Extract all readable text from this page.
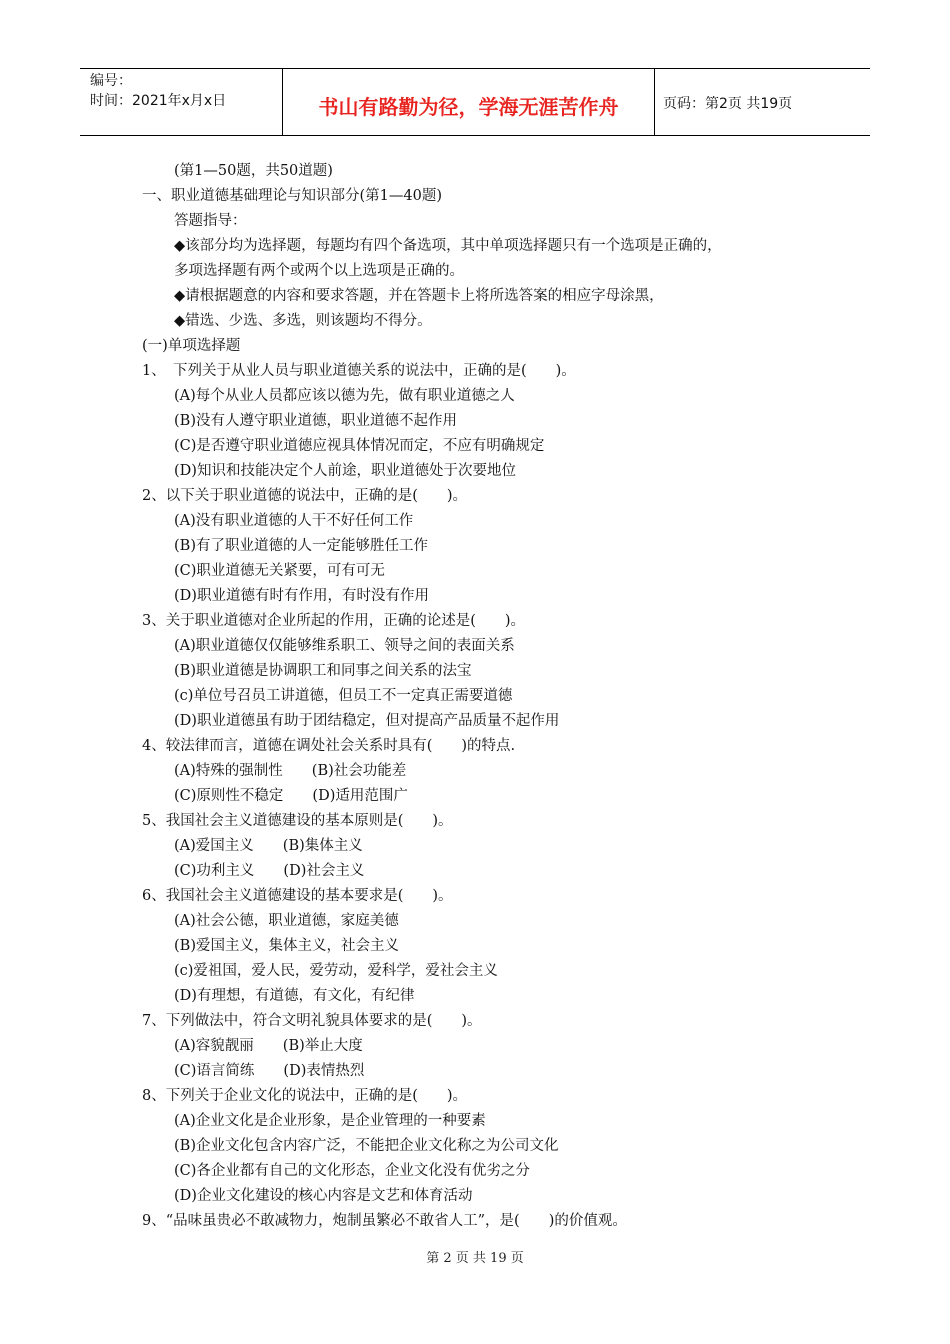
编号：
时间：2021年x月x日	书山有路勤为径，学海无涯苦作舟	页码：第2页 共19页
(第1—50题，共50道题)
一、职业道德基础理论与知识部分(第1—40题)
答题指导：
◆该部分均为选择题，每题均有四个备选项，其中单项选择题只有一个选项是正确的，
多项选择题有两个或两个以上选项是正确的。
◆请根据题意的内容和要求答题，并在答题卡上将所选答案的相应字母涂黑，
◆错选、少选、多选，则该题均不得分。
(一)单项选择题
1、　下列关于从业人员与职业道德关系的说法中，正确的是(　　)。
(A)每个从业人员都应该以德为先，做有职业道德之人
(B)没有人遵守职业道德，职业道德不起作用
(C)是否遵守职业道德应视具体情况而定，不应有明确规定
(D)知识和技能决定个人前途，职业道德处于次要地位
2、以下关于职业道德的说法中，正确的是(　　)。
(A)没有职业道德的人干不好任何工作
(B)有了职业道德的人一定能够胜任工作
(C)职业道德无关紧要，可有可无
(D)职业道德有时有作用，有时没有作用
3、关于职业道德对企业所起的作用，正确的论述是(　　)。
(A)职业道德仅仅能够维系职工、领导之间的表面关系
(B)职业道德是协调职工和同事之间关系的法宝
(c)单位号召员工讲道德，但员工不一定真正需要道德
(D)职业道德虽有助于团结稳定，但对提高产品质量不起作用
4、较法律而言，道德在调处社会关系时具有(　　)的特点.
(A)特殊的强制性　　(B)社会功能差
(C)原则性不稳定　　(D)适用范围广
5、我国社会主义道德建设的基本原则是(　　)。
(A)爱国主义　　(B)集体主义
(C)功利主义　　(D)社会主义
6、我国社会主义道德建设的基本要求是(　　)。
(A)社会公德，职业道德，家庭美德
(B)爱国主义，集体主义，社会主义
(c)爱祖国，爱人民，爱劳动，爱科学，爱社会主义
(D)有理想，有道德，有文化，有纪律
7、下列做法中，符合文明礼貌具体要求的是(　　)。
(A)容貌靓丽　　(B)举止大度
(C)语言简练　　(D)表情热烈
8、下列关于企业文化的说法中，正确的是(　　)。
(A)企业文化是企业形象，是企业管理的一种要素
(B)企业文化包含内容广泛，不能把企业文化称之为公司文化
(C)各企业都有自己的文化形态，企业文化没有优劣之分
(D)企业文化建设的核心内容是文艺和体育活动
9、“品味虽贵必不敢减物力，炮制虽繁必不敢省人工”，是(　　)的价值观。
第 2 页 共 19 页
